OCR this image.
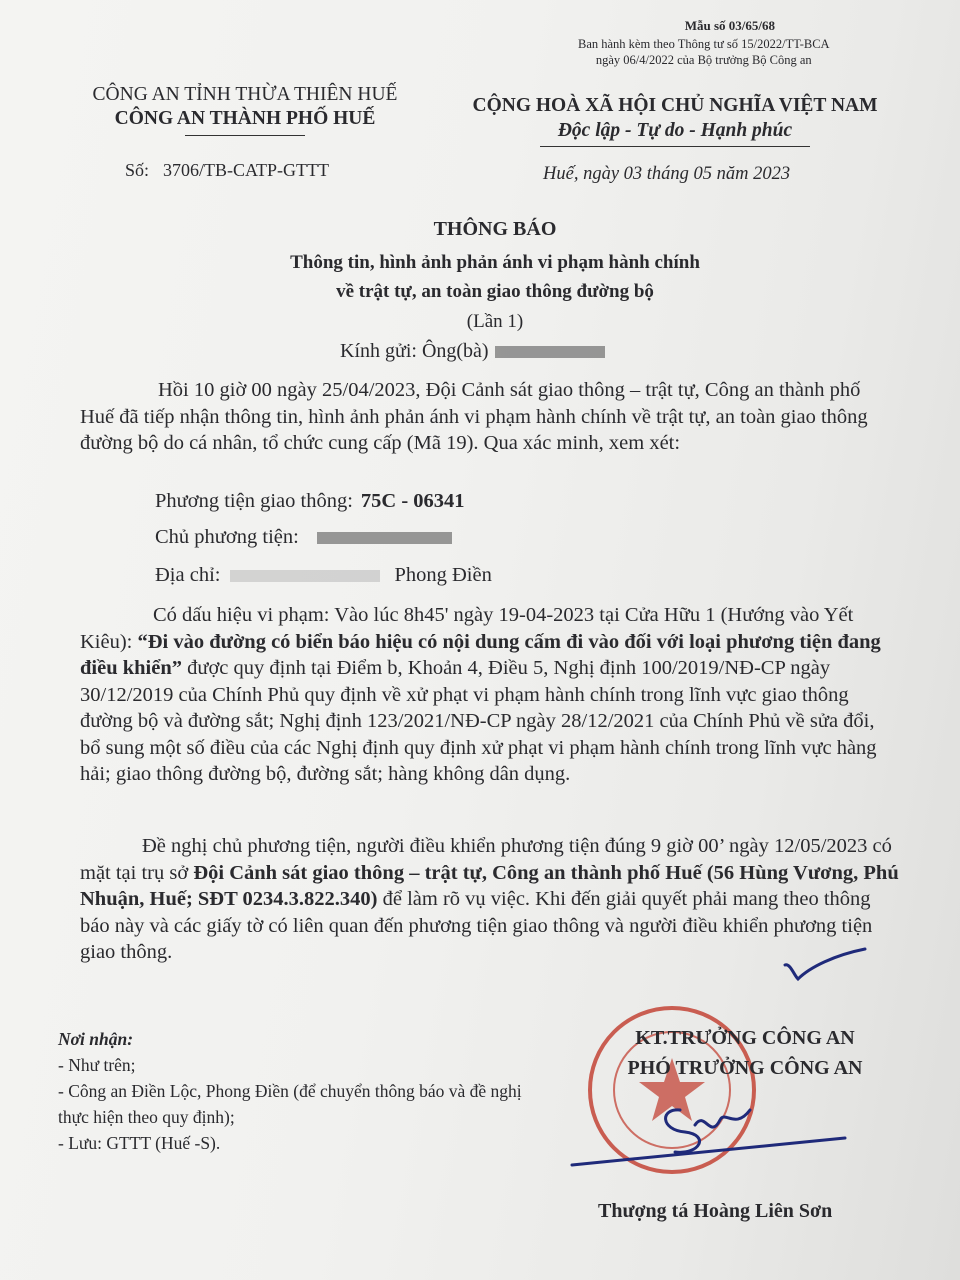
Mẫu số 03/65/68
Ban hành kèm theo Thông tư số 15/2022/TT-BCA
ngày 06/4/2022 của Bộ trưởng Bộ Công an
CÔNG AN TỈNH THỪA THIÊN HUẾ
CÔNG AN THÀNH PHỐ HUẾ
CỘNG HOÀ XÃ HỘI CHỦ NGHĨA VIỆT NAM
Độc lập - Tự do - Hạnh phúc
Số: 3706/TB-CATP-GTTT	Huế, ngày 03 tháng 05 năm 2023
THÔNG BÁO
Thông tin, hình ảnh phản ánh vi phạm hành chính
về trật tự, an toàn giao thông đường bộ
(Lần 1)
Kính gửi: Ông(bà)
Hồi 10 giờ 00 ngày 25/04/2023, Đội Cảnh sát giao thông – trật tự, Công an thành phố Huế đã tiếp nhận thông tin, hình ảnh phản ánh vi phạm hành chính về trật tự, an toàn giao thông đường bộ do cá nhân, tổ chức cung cấp (Mã 19). Qua xác minh, xem xét:
Phương tiện giao thông: 75C - 06341
Chủ phương tiện:
Địa chỉ:	Phong Điền
Có dấu hiệu vi phạm: Vào lúc 8h45' ngày 19-04-2023 tại Cửa Hữu 1 (Hướng vào Yết Kiêu): “Đi vào đường có biển báo hiệu có nội dung cấm đi vào đối với loại phương tiện đang điều khiển” được quy định tại Điểm b, Khoản 4, Điều 5, Nghị định 100/2019/NĐ-CP ngày 30/12/2019 của Chính Phủ quy định về xử phạt vi phạm hành chính trong lĩnh vực giao thông đường bộ và đường sắt; Nghị định 123/2021/NĐ-CP ngày 28/12/2021 của Chính Phủ về sửa đổi, bổ sung một số điều của các Nghị định quy định xử phạt vi phạm hành chính trong lĩnh vực hàng hải; giao thông đường bộ, đường sắt; hàng không dân dụng.
Đề nghị chủ phương tiện, người điều khiển phương tiện đúng 9 giờ 00’ ngày 12/05/2023 có mặt tại trụ sở Đội Cảnh sát giao thông – trật tự, Công an thành phố Huế (56 Hùng Vương, Phú Nhuận, Huế; SĐT 0234.3.822.340) để làm rõ vụ việc. Khi đến giải quyết phải mang theo thông báo này và các giấy tờ có liên quan đến phương tiện giao thông và người điều khiển phương tiện giao thông.
Nơi nhận:
- Như trên;
- Công an Điền Lộc, Phong Điền (để chuyển thông báo và đề nghị thực hiện theo quy định);
- Lưu: GTTT (Huế -S).
KT.TRƯỞNG CÔNG AN
PHÓ TRƯỞNG CÔNG AN
Thượng tá Hoàng Liên Sơn
